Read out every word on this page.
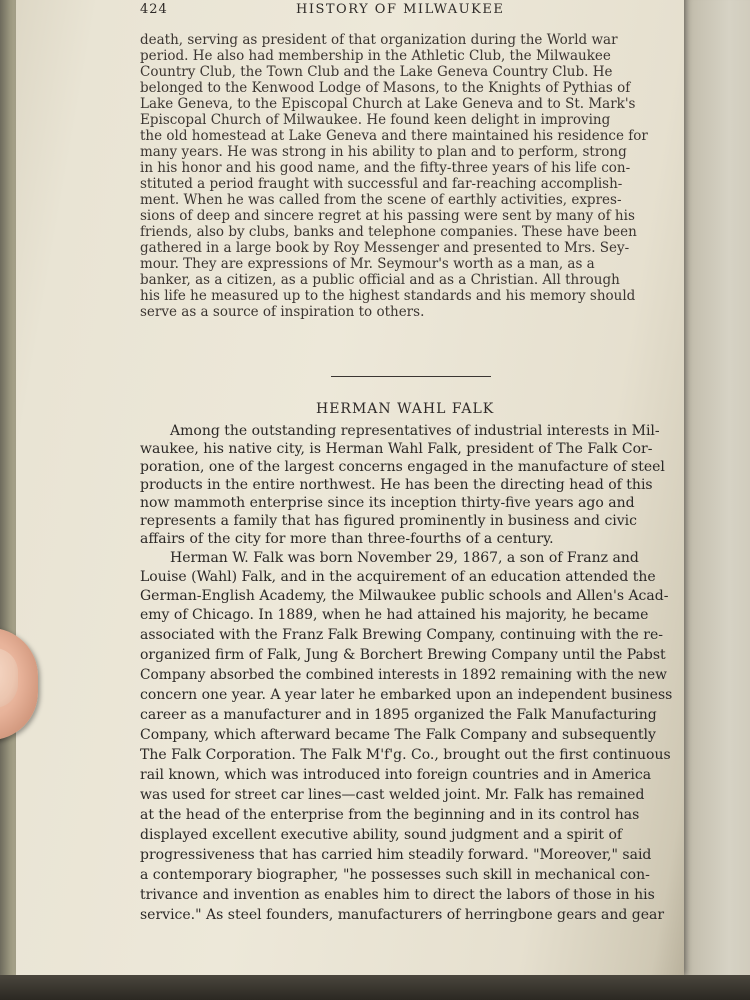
424	HISTORY OF MILWAUKEE
death, serving as president of that organization during the World war
period. He also had membership in the Athletic Club, the Milwaukee
Country Club, the Town Club and the Lake Geneva Country Club. He
belonged to the Kenwood Lodge of Masons, to the Knights of Pythias of
Lake Geneva, to the Episcopal Church at Lake Geneva and to St. Mark's
Episcopal Church of Milwaukee. He found keen delight in improving
the old homestead at Lake Geneva and there maintained his residence for
many years. He was strong in his ability to plan and to perform, strong
in his honor and his good name, and the fifty-three years of his life con-
stituted a period fraught with successful and far-reaching accomplish-
ment. When he was called from the scene of earthly activities, expres-
sions of deep and sincere regret at his passing were sent by many of his
friends, also by clubs, banks and telephone companies. These have been
gathered in a large book by Roy Messenger and presented to Mrs. Sey-
mour. They are expressions of Mr. Seymour's worth as a man, as a
banker, as a citizen, as a public official and as a Christian. All through
his life he measured up to the highest standards and his memory should
serve as a source of inspiration to others.
HERMAN WAHL FALK
Among the outstanding representatives of industrial interests in Mil-
waukee, his native city, is Herman Wahl Falk, president of The Falk Cor-
poration, one of the largest concerns engaged in the manufacture of steel
products in the entire northwest. He has been the directing head of this
now mammoth enterprise since its inception thirty-five years ago and
represents a family that has figured prominently in business and civic
affairs of the city for more than three-fourths of a century.
Herman W. Falk was born November 29, 1867, a son of Franz and
Louise (Wahl) Falk, and in the acquirement of an education attended the
German-English Academy, the Milwaukee public schools and Allen's Acad-
emy of Chicago. In 1889, when he had attained his majority, he became
associated with the Franz Falk Brewing Company, continuing with the re-
organized firm of Falk, Jung & Borchert Brewing Company until the Pabst
Company absorbed the combined interests in 1892 remaining with the new
concern one year. A year later he embarked upon an independent business
career as a manufacturer and in 1895 organized the Falk Manufacturing
Company, which afterward became The Falk Company and subsequently
The Falk Corporation. The Falk M'f'g. Co., brought out the first continuous
rail known, which was introduced into foreign countries and in America
was used for street car lines—cast welded joint. Mr. Falk has remained
at the head of the enterprise from the beginning and in its control has
displayed excellent executive ability, sound judgment and a spirit of
progressiveness that has carried him steadily forward. "Moreover," said
a contemporary biographer, "he possesses such skill in mechanical con-
trivance and invention as enables him to direct the labors of those in his
service." As steel founders, manufacturers of herringbone gears and gear
